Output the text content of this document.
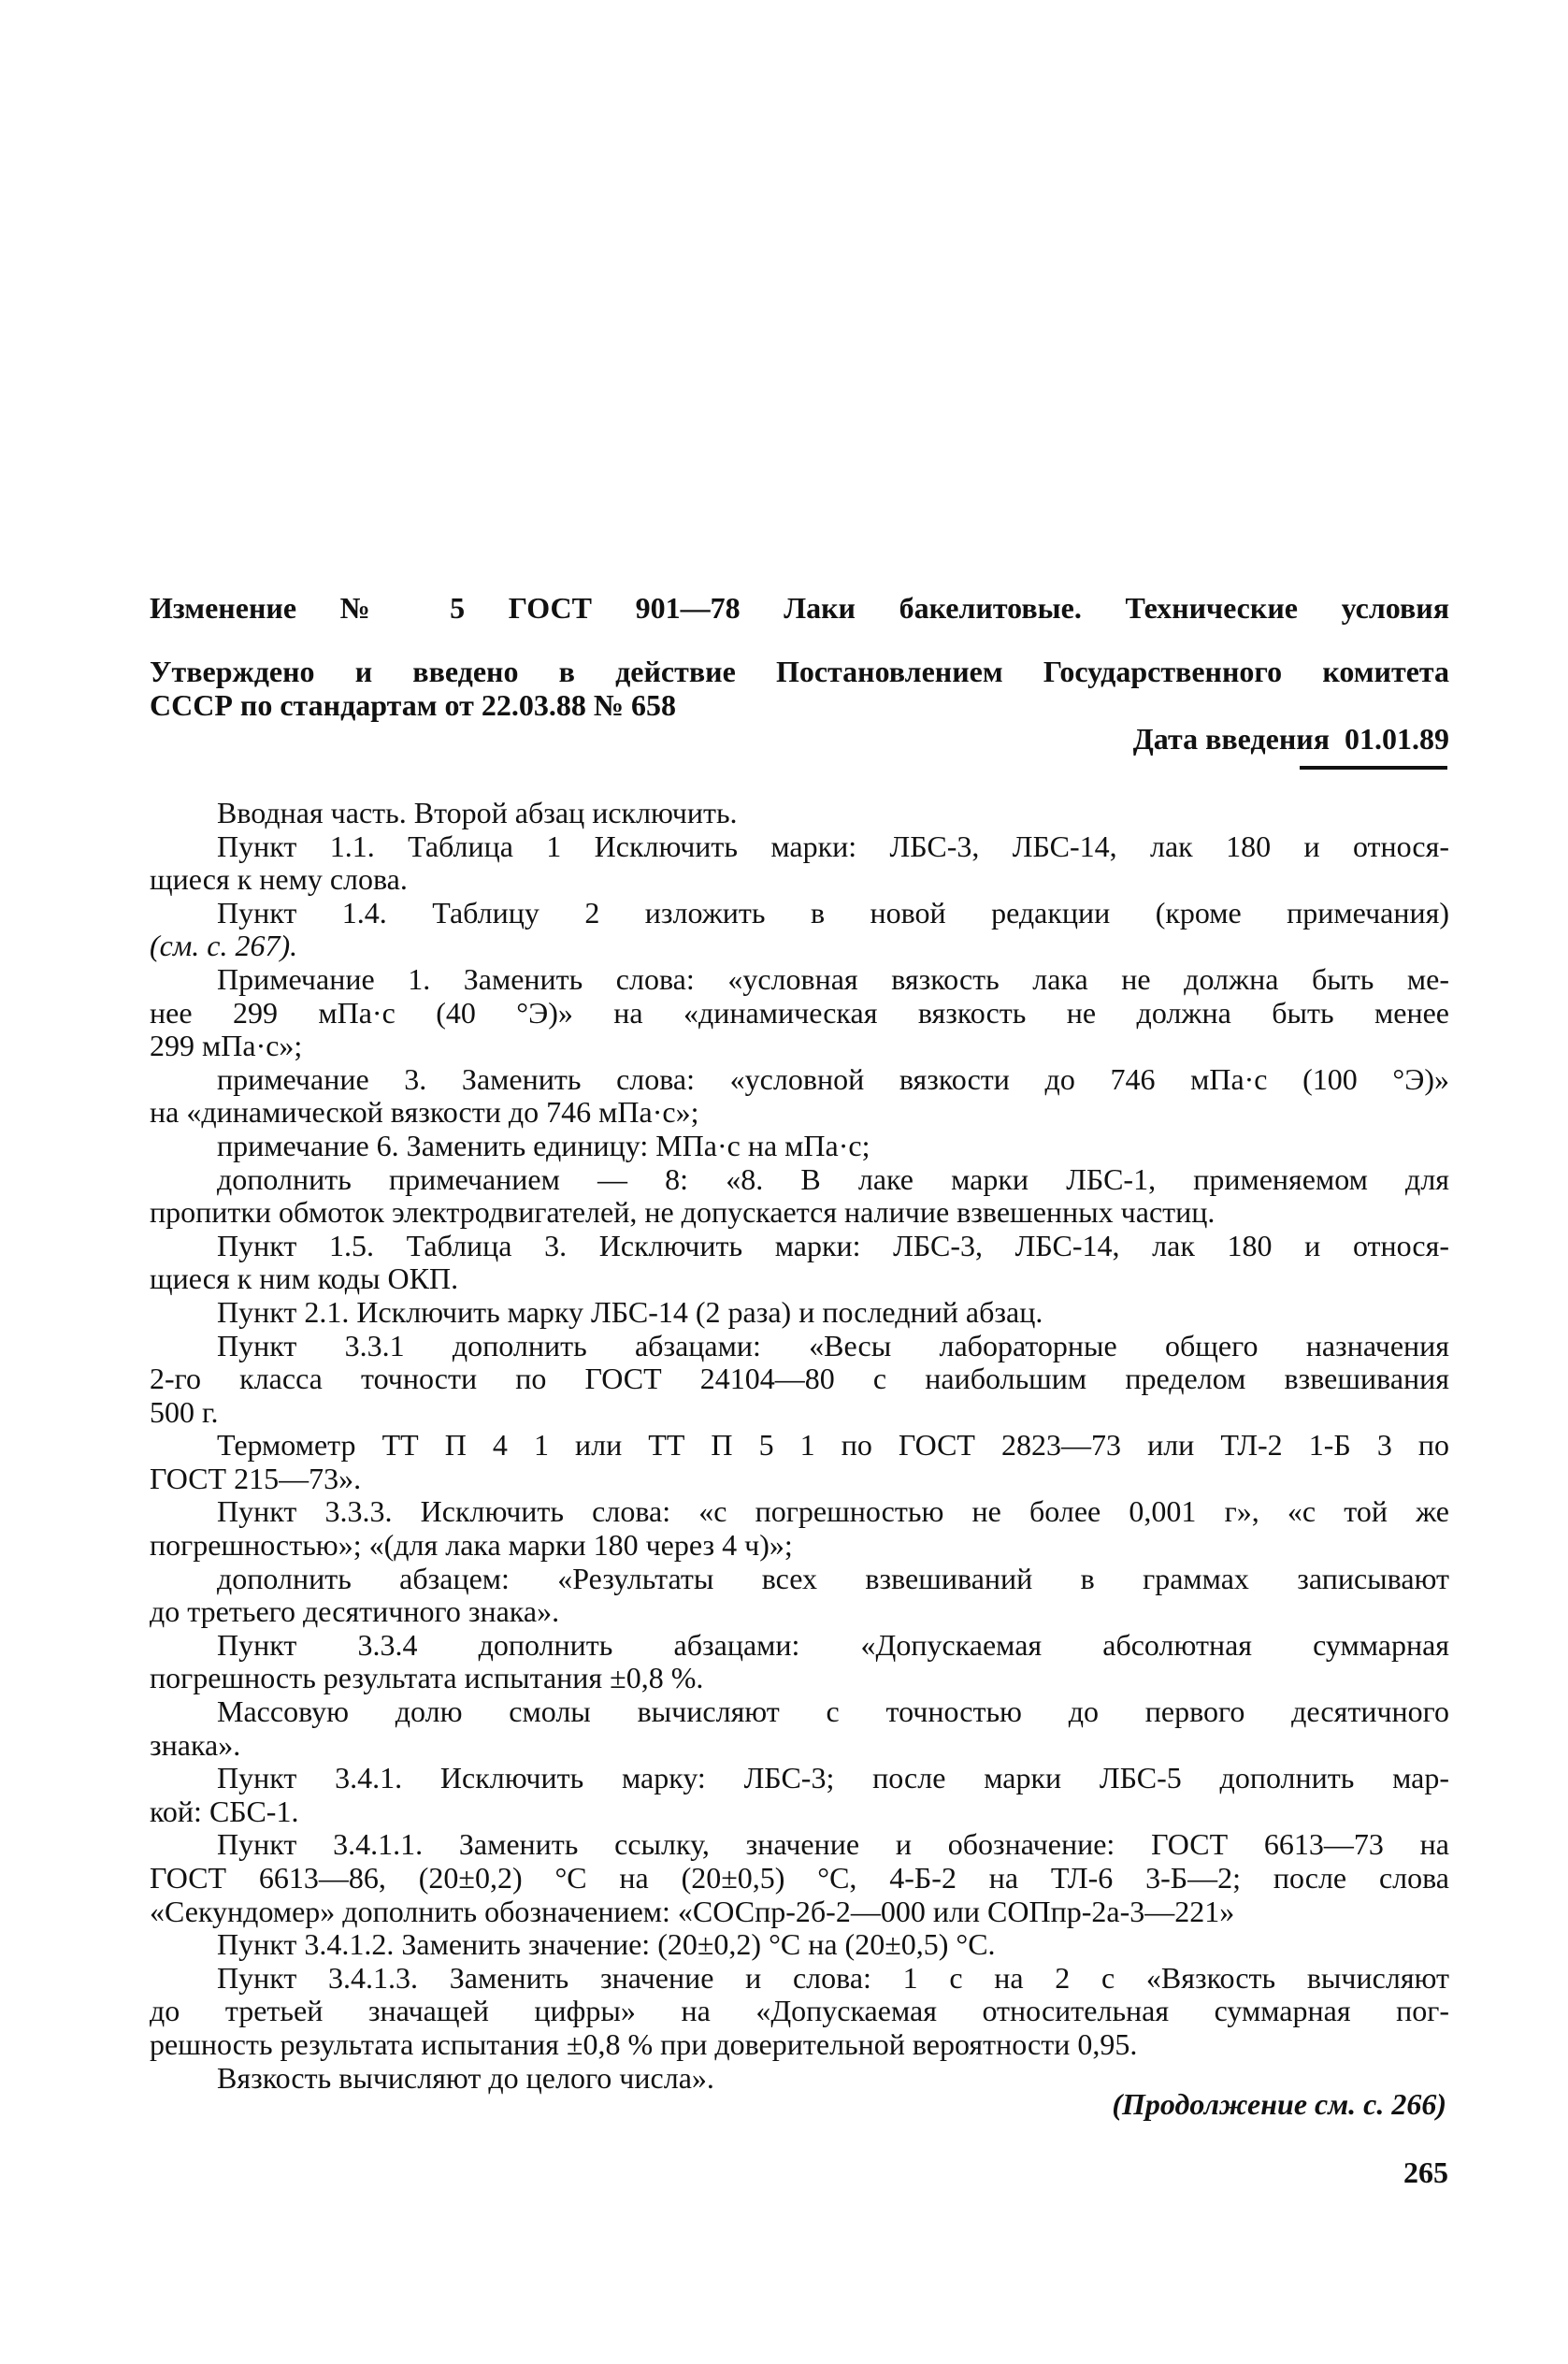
Изменение № 5 ГОСТ 901—78 Лаки бакелитовые. Технические условия
Утверждено и введено в действие Постановлением Государственного комитета
СССР по стандартам от 22.03.88 № 658
Дата введения 01.01.89
Вводная часть. Второй абзац исключить.
Пункт 1.1. Таблица 1 Исключить марки: ЛБС-3, ЛБС-14, лак 180 и относя-
щиеся к нему слова.
Пункт 1.4. Таблицу 2 изложить в новой редакции (кроме примечания)
(см. с. 267).
Примечание 1. Заменить слова: «условная вязкость лака не должна быть ме-
нее 299 мПа·с (40 °Э)» на «динамическая вязкость не должна быть менее
299 мПа·с»;
примечание 3. Заменить слова: «условной вязкости до 746 мПа·с (100 °Э)»
на «динамической вязкости до 746 мПа·с»;
примечание 6. Заменить единицу: МПа·с на мПа·с;
дополнить примечанием — 8: «8. В лаке марки ЛБС-1, применяемом для
пропитки обмоток электродвигателей, не допускается наличие взвешенных частиц.
Пункт 1.5. Таблица 3. Исключить марки: ЛБС-3, ЛБС-14, лак 180 и относя-
щиеся к ним коды ОКП.
Пункт 2.1. Исключить марку ЛБС-14 (2 раза) и последний абзац.
Пункт 3.3.1 дополнить абзацами: «Весы лабораторные общего назначения
2-го класса точности по ГОСТ 24104—80 с наибольшим пределом взвешивания
500 г.
Термометр ТТ П 4 1 или ТТ П 5 1 по ГОСТ 2823—73 или ТЛ-2 1-Б 3 по
ГОСТ 215—73».
Пункт 3.3.3. Исключить слова: «с погрешностью не более 0,001 г», «с той же
погрешностью»; «(для лака марки 180 через 4 ч)»;
дополнить абзацем: «Результаты всех взвешиваний в граммах записывают
до третьего десятичного знака».
Пункт 3.3.4 дополнить абзацами: «Допускаемая абсолютная суммарная
погрешность результата испытания ±0,8 %.
Массовую долю смолы вычисляют с точностью до первого десятичного
знака».
Пункт 3.4.1. Исключить марку: ЛБС-3; после марки ЛБС-5 дополнить мар-
кой: СБС-1.
Пункт 3.4.1.1. Заменить ссылку, значение и обозначение: ГОСТ 6613—73 на
ГОСТ 6613—86, (20±0,2) °С на (20±0,5) °С, 4-Б-2 на ТЛ-6 3-Б—2; после слова
«Секундомер» дополнить обозначением: «СОСпр-2б-2—000 или СОПпр-2а-3—221»
Пункт 3.4.1.2. Заменить значение: (20±0,2) °С на (20±0,5) °С.
Пункт 3.4.1.3. Заменить значение и слова: 1 с на 2 с «Вязкость вычисляют
до третьей значащей цифры» на «Допускаемая относительная суммарная пог-
решность результата испытания ±0,8 % при доверительной вероятности 0,95.
Вязкость вычисляют до целого числа».
(Продолжение см. с. 266)
265
